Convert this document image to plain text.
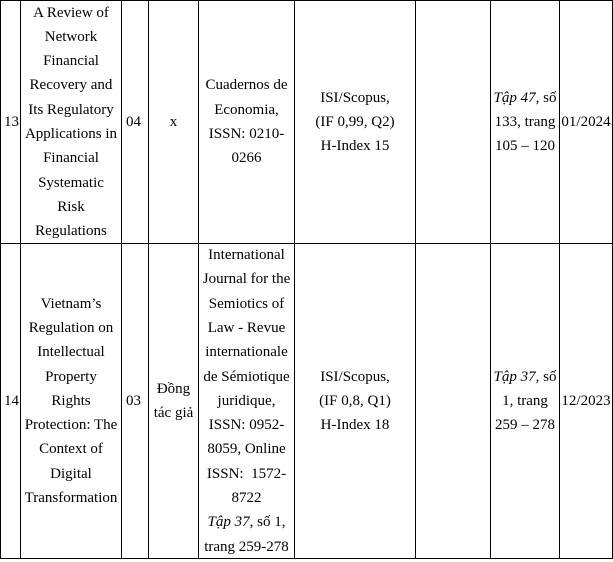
13
A Review of
Network
Financial
Recovery and
Its Regulatory
Applications in
Financial
Systematic
Risk
Regulations
04 x
Cuadernos de
Economia,
ISSN: 0210-
0266
ISI/Scopus,
(IF 0,99, Q2)
H-Index 15
Tập 47, số
133, trang
105 – 120
01/2024
14
Vietnam’s
Regulation on
Intellectual
Property
Rights
Protection: The
Context of
Digital
Transformation
03
Đồng
tác giả
International
Journal for the
Semiotics of
Law - Revue
internationale
de Sémiotique
juridique,
ISSN: 0952-
8059, Online
ISSN:  1572-
8722
Tập 37, số 1,
trang 259-278
ISI/Scopus,
(IF 0,8, Q1)
H-Index 18
Tập 37, số
1, trang
259 – 278
12/2023
